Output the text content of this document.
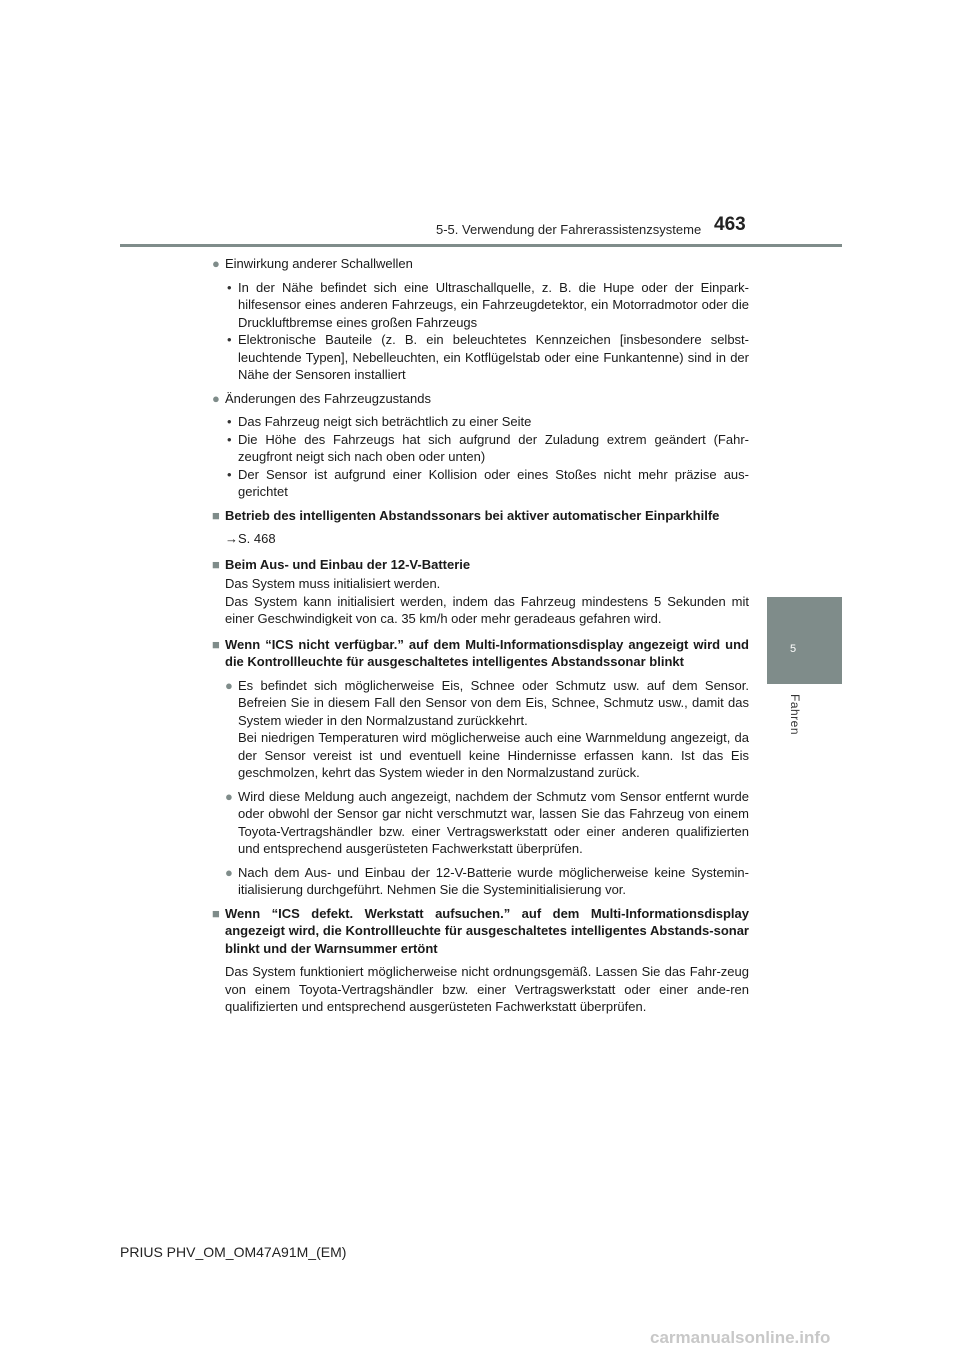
5-5. Verwendung der Fahrerassistenzsysteme 463
5
Fahren

● Einwirkung anderer Schallwellen

• In der Nähe befindet sich eine Ultraschallquelle, z. B. die Hupe oder der Einpark-hilfesensor eines anderen Fahrzeugs, ein Fahrzeugdetektor, ein Motorradmotor oder die Druckluftbremse eines großen Fahrzeugs

• Elektronische Bauteile (z. B. ein beleuchtetes Kennzeichen [insbesondere selbst-leuchtende Typen], Nebelleuchten, ein Kotflügelstab oder eine Funkantenne) sind in der Nähe der Sensoren installiert

● Änderungen des Fahrzeugzustands

• Das Fahrzeug neigt sich beträchtlich zu einer Seite

• Die Höhe des Fahrzeugs hat sich aufgrund der Zuladung extrem geändert (Fahr-zeugfront neigt sich nach oben oder unten)

• Der Sensor ist aufgrund einer Kollision oder eines Stoßes nicht mehr präzise aus-gerichtet

■ Betrieb des intelligenten Abstandssonars bei aktiver automatischer Einparkhilfe

→S. 468

■ Beim Aus- und Einbau der 12-V-Batterie

Das System muss initialisiert werden.

Das System kann initialisiert werden, indem das Fahrzeug mindestens 5 Sekunden mit einer Geschwindigkeit von ca. 35 km/h oder mehr geradeaus gefahren wird.

■ Wenn “ICS nicht verfügbar.” auf dem Multi-Informationsdisplay angezeigt wird und die Kontrollleuchte für ausgeschaltetes intelligentes Abstandssonar blinkt

● Es befindet sich möglicherweise Eis, Schnee oder Schmutz usw. auf dem Sensor. Befreien Sie in diesem Fall den Sensor von dem Eis, Schnee, Schmutz usw., damit das System wieder in den Normalzustand zurückkehrt.
Bei niedrigen Temperaturen wird möglicherweise auch eine Warnmeldung angezeigt, da der Sensor vereist ist und eventuell keine Hindernisse erfassen kann. Ist das Eis geschmolzen, kehrt das System wieder in den Normalzustand zurück.

● Wird diese Meldung auch angezeigt, nachdem der Schmutz vom Sensor entfernt wurde oder obwohl der Sensor gar nicht verschmutzt war, lassen Sie das Fahrzeug von einem Toyota-Vertragshändler bzw. einer Vertragswerkstatt oder einer anderen qualifizierten und entsprechend ausgerüsteten Fachwerkstatt überprüfen.

● Nach dem Aus- und Einbau der 12-V-Batterie wurde möglicherweise keine Systemin-itialisierung durchgeführt. Nehmen Sie die Systeminitialisierung vor.

■ Wenn “ICS defekt. Werkstatt aufsuchen.” auf dem Multi-Informationsdisplay angezeigt wird, die Kontrollleuchte für ausgeschaltetes intelligentes Abstands-sonar blinkt und der Warnsummer ertönt

Das System funktioniert möglicherweise nicht ordnungsgemäß. Lassen Sie das Fahr-zeug von einem Toyota-Vertragshändler bzw. einer Vertragswerkstatt oder einer ande-ren qualifizierten und entsprechend ausgerüsteten Fachwerkstatt überprüfen.

PRIUS PHV_OM_OM47A91M_(EM)
carmanualsonline.info
